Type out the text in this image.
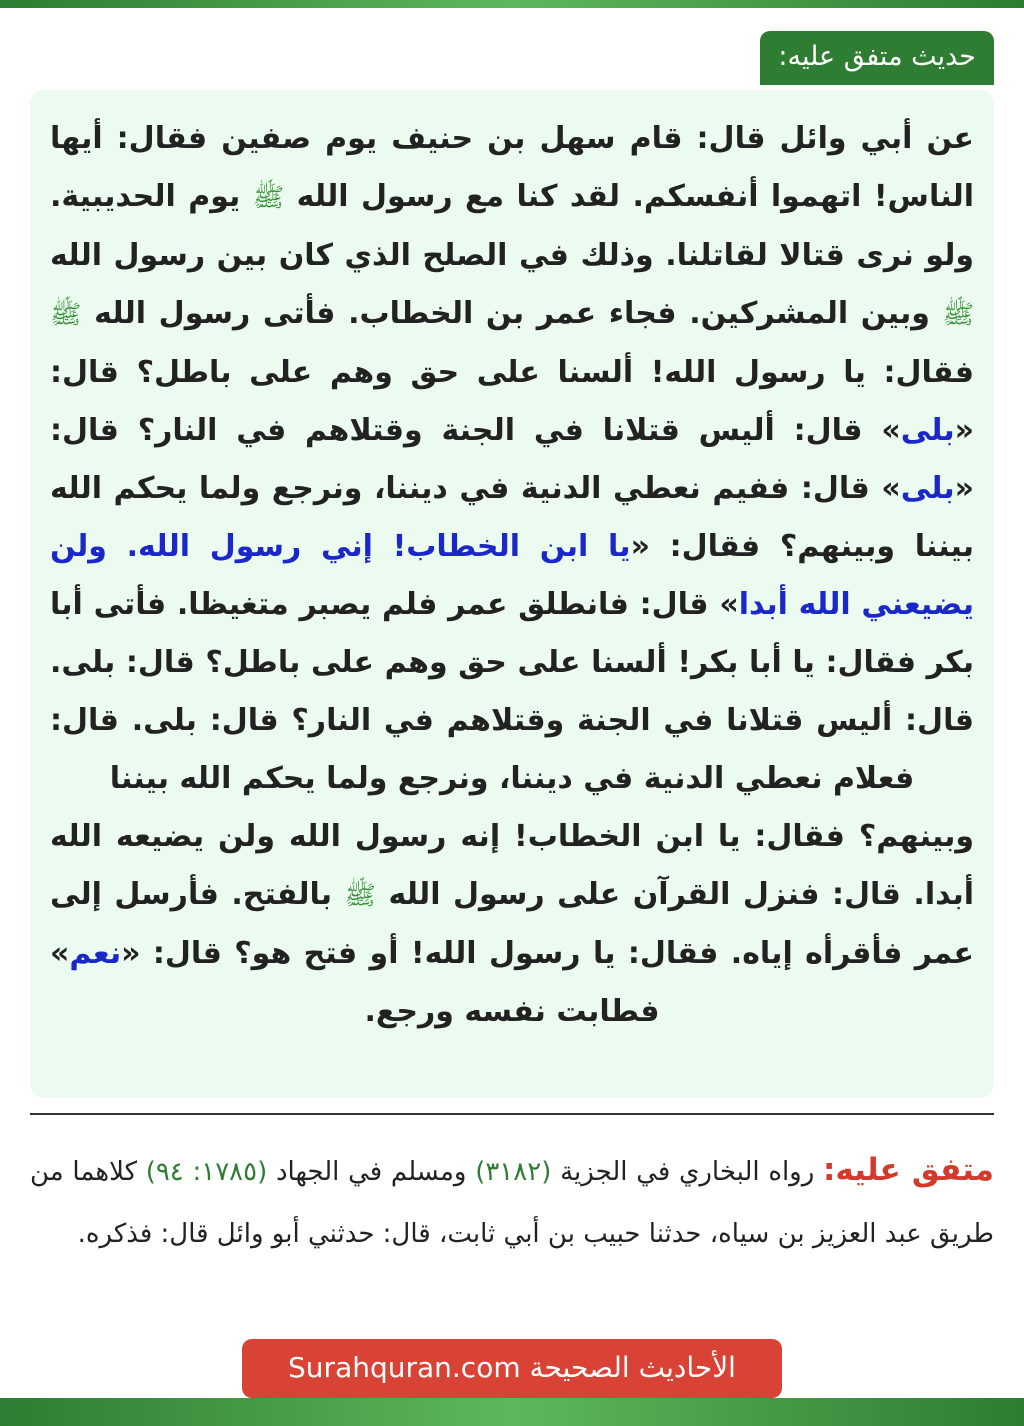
حديث متفق عليه:

عن أبي وائل قال: قام سهل بن حنيف يوم صفين فقال: أيها الناس! اتهموا أنفسكم. لقد كنا مع رسول الله ﷺ يوم الحديبية. ولو نرى قتالا لقاتلنا. وذلك في الصلح الذي كان بين رسول الله ﷺ وبين المشركين. فجاء عمر بن الخطاب. فأتى رسول الله ﷺ فقال: يا رسول الله! ألسنا على حق وهم على باطل؟ قال: «بلى» قال: أليس قتلانا في الجنة وقتلاهم في النار؟ قال: «بلى» قال: ففيم نعطي الدنية في ديننا، ونرجع ولما يحكم الله بيننا وبينهم؟ فقال: «يا ابن الخطاب! إني رسول الله. ولن يضيعني الله أبدا» قال: فانطلق عمر فلم يصبر متغيظا. فأتى أبا بكر فقال: يا أبا بكر! ألسنا على حق وهم على باطل؟ قال: بلى. قال: أليس قتلانا في الجنة وقتلاهم في النار؟ قال: بلى. قال: فعلام نعطي الدنية في ديننا، ونرجع ولما يحكم الله بيننا
وبينهم؟ فقال: يا ابن الخطاب! إنه رسول الله ولن يضيعه الله أبدا. قال: فنزل القرآن على رسول الله ﷺ بالفتح. فأرسل إلى عمر فأقرأه إياه. فقال: يا رسول الله! أو فتح هو؟ قال: «نعم» فطابت نفسه ورجع.

متفق عليه: رواه البخاري في الجزية (٣١٨٢) ومسلم في الجهاد (١٧٨٥: ٩٤) كلاهما من طريق عبد العزيز بن سياه، حدثنا حبيب بن أبي ثابت، قال: حدثني أبو وائل قال: فذكره.

الأحاديث الصحيحة Surahquran.com
